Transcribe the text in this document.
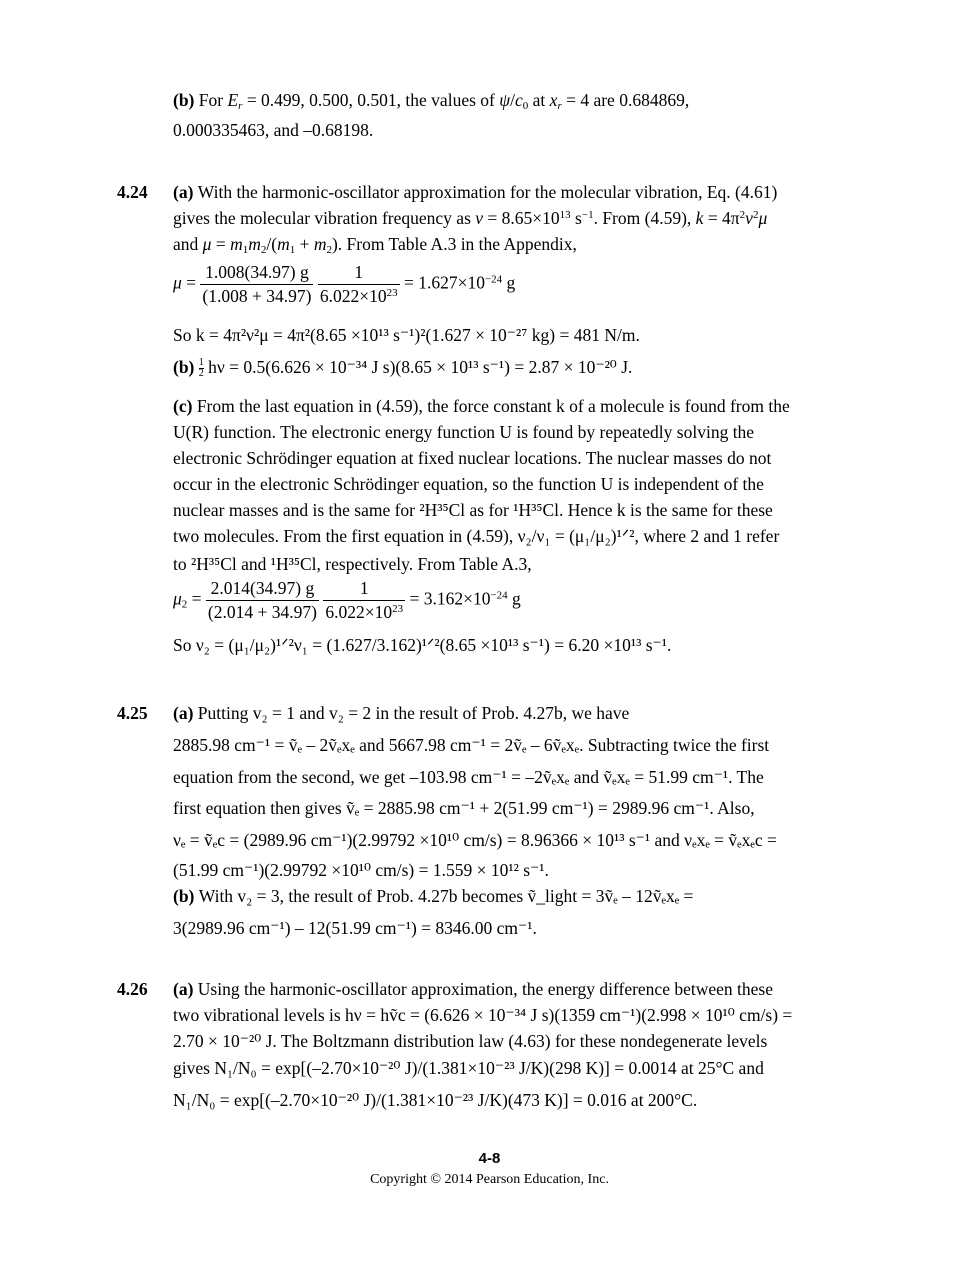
(b) For $E_r = 0.499$, 0.500, 0.501, the values of $\psi/c_0$ at $x_r = 4$ are 0.684869,
0.000335463, and –0.68198.
4.24 (a) With the harmonic-oscillator approximation for the molecular vibration, Eq. (4.61)
gives the molecular vibration frequency as $\nu = 8.65\times 10^{13}$ $s^{-1}$. From (4.59), $k = 4\pi^2\nu^2\mu$
and $\mu = m_1m_2/(m_1 + m_2)$. From Table A.3 in the Appendix,
$\mu = \frac{1.008(34.97) g}{(1.008 + 34.97)}$
$\frac{1}{6.022\times 10^{23}} = 1.627\times 10^{-24}$ g
So k = 4π²ν²μ = 4π²(8.65 ×10¹³ s⁻¹)²(1.627 × 10⁻²⁷ kg) = 481 N/m.
$(b) \frac{1}{2}$ hν = 0.5(6.626 × 10⁻³⁴ J s)(8.65 × 10¹³ s⁻¹) = 2.87 × 10⁻²⁰ J.
(c) From the last equation in (4.59), the force constant k of a molecule is found from the
U(R) function. The electronic energy function U is found by repeatedly solving the
electronic Schrödinger equation at fixed nuclear locations. The nuclear masses do not
occur in the electronic Schrödinger equation, so the function U is independent of the
nuclear masses and is the same for ²H³⁵Cl as for ¹H³⁵Cl. Hence k is the same for these
two molecules. From the first equation in (4.59), ν₂/ν₁ = (μ₁/μ₂)¹ᐟ², where 2 and 1 refer
to ²H³⁵Cl and ¹H³⁵Cl, respectively. From Table A.3,
$\mu_2 = \frac{2.014(34.97) g}{(2.014 + 34.97)}$
$\frac{1}{6.022\times 10^{23}} = 3.162\times 10^{-24}$ g
So ν₂ = (μ₁/μ₂)¹ᐟ²ν₁ = (1.627/3.162)¹ᐟ²(8.65 ×10¹³ s⁻¹) = 6.20 ×10¹³ s⁻¹.
4.25 (a) Putting v₂ = 1 and v₂ = 2 in the result of Prob. 4.27b, we have
2885.98 cm⁻¹ = ṽₑ – 2ṽₑxₑ and 5667.98 cm⁻¹ = 2ṽₑ – 6ṽₑxₑ. Subtracting twice the first
equation from the second, we get –103.98 cm⁻¹ = –2ṽₑxₑ and ṽₑxₑ = 51.99 cm⁻¹. The
first equation then gives ṽₑ = 2885.98 cm⁻¹ + 2(51.99 cm⁻¹) = 2989.96 cm⁻¹. Also,
νₑ = ṽₑc = (2989.96 cm⁻¹)(2.99792 ×10¹⁰ cm/s) = 8.96366 × 10¹³ s⁻¹ and νₑxₑ = ṽₑxₑc =
(51.99 cm⁻¹)(2.99792 ×10¹⁰ cm/s) = 1.559 × 10¹² s⁻¹.
(b) With v₂ = 3, the result of Prob. 4.27b becomes ṽ_light = 3ṽₑ – 12ṽₑxₑ =
3(2989.96 cm⁻¹) – 12(51.99 cm⁻¹) = 8346.00 cm⁻¹.
4.26 (a) Using the harmonic-oscillator approximation, the energy difference between these
two vibrational levels is hν = hṽc = (6.626 × 10⁻³⁴ J s)(1359 cm⁻¹)(2.998 × 10¹⁰ cm/s) =
2.70 × 10⁻²⁰ J. The Boltzmann distribution law (4.63) for these nondegenerate levels
gives N₁/N₀ = exp[(–2.70×10⁻²⁰ J)/(1.381×10⁻²³ J/K)(298 K)] = 0.0014 at 25°C and
N₁/N₀ = exp[(–2.70×10⁻²⁰ J)/(1.381×10⁻²³ J/K)(473 K)] = 0.016 at 200°C.
4-8
Copyright © 2014 Pearson Education, Inc.
